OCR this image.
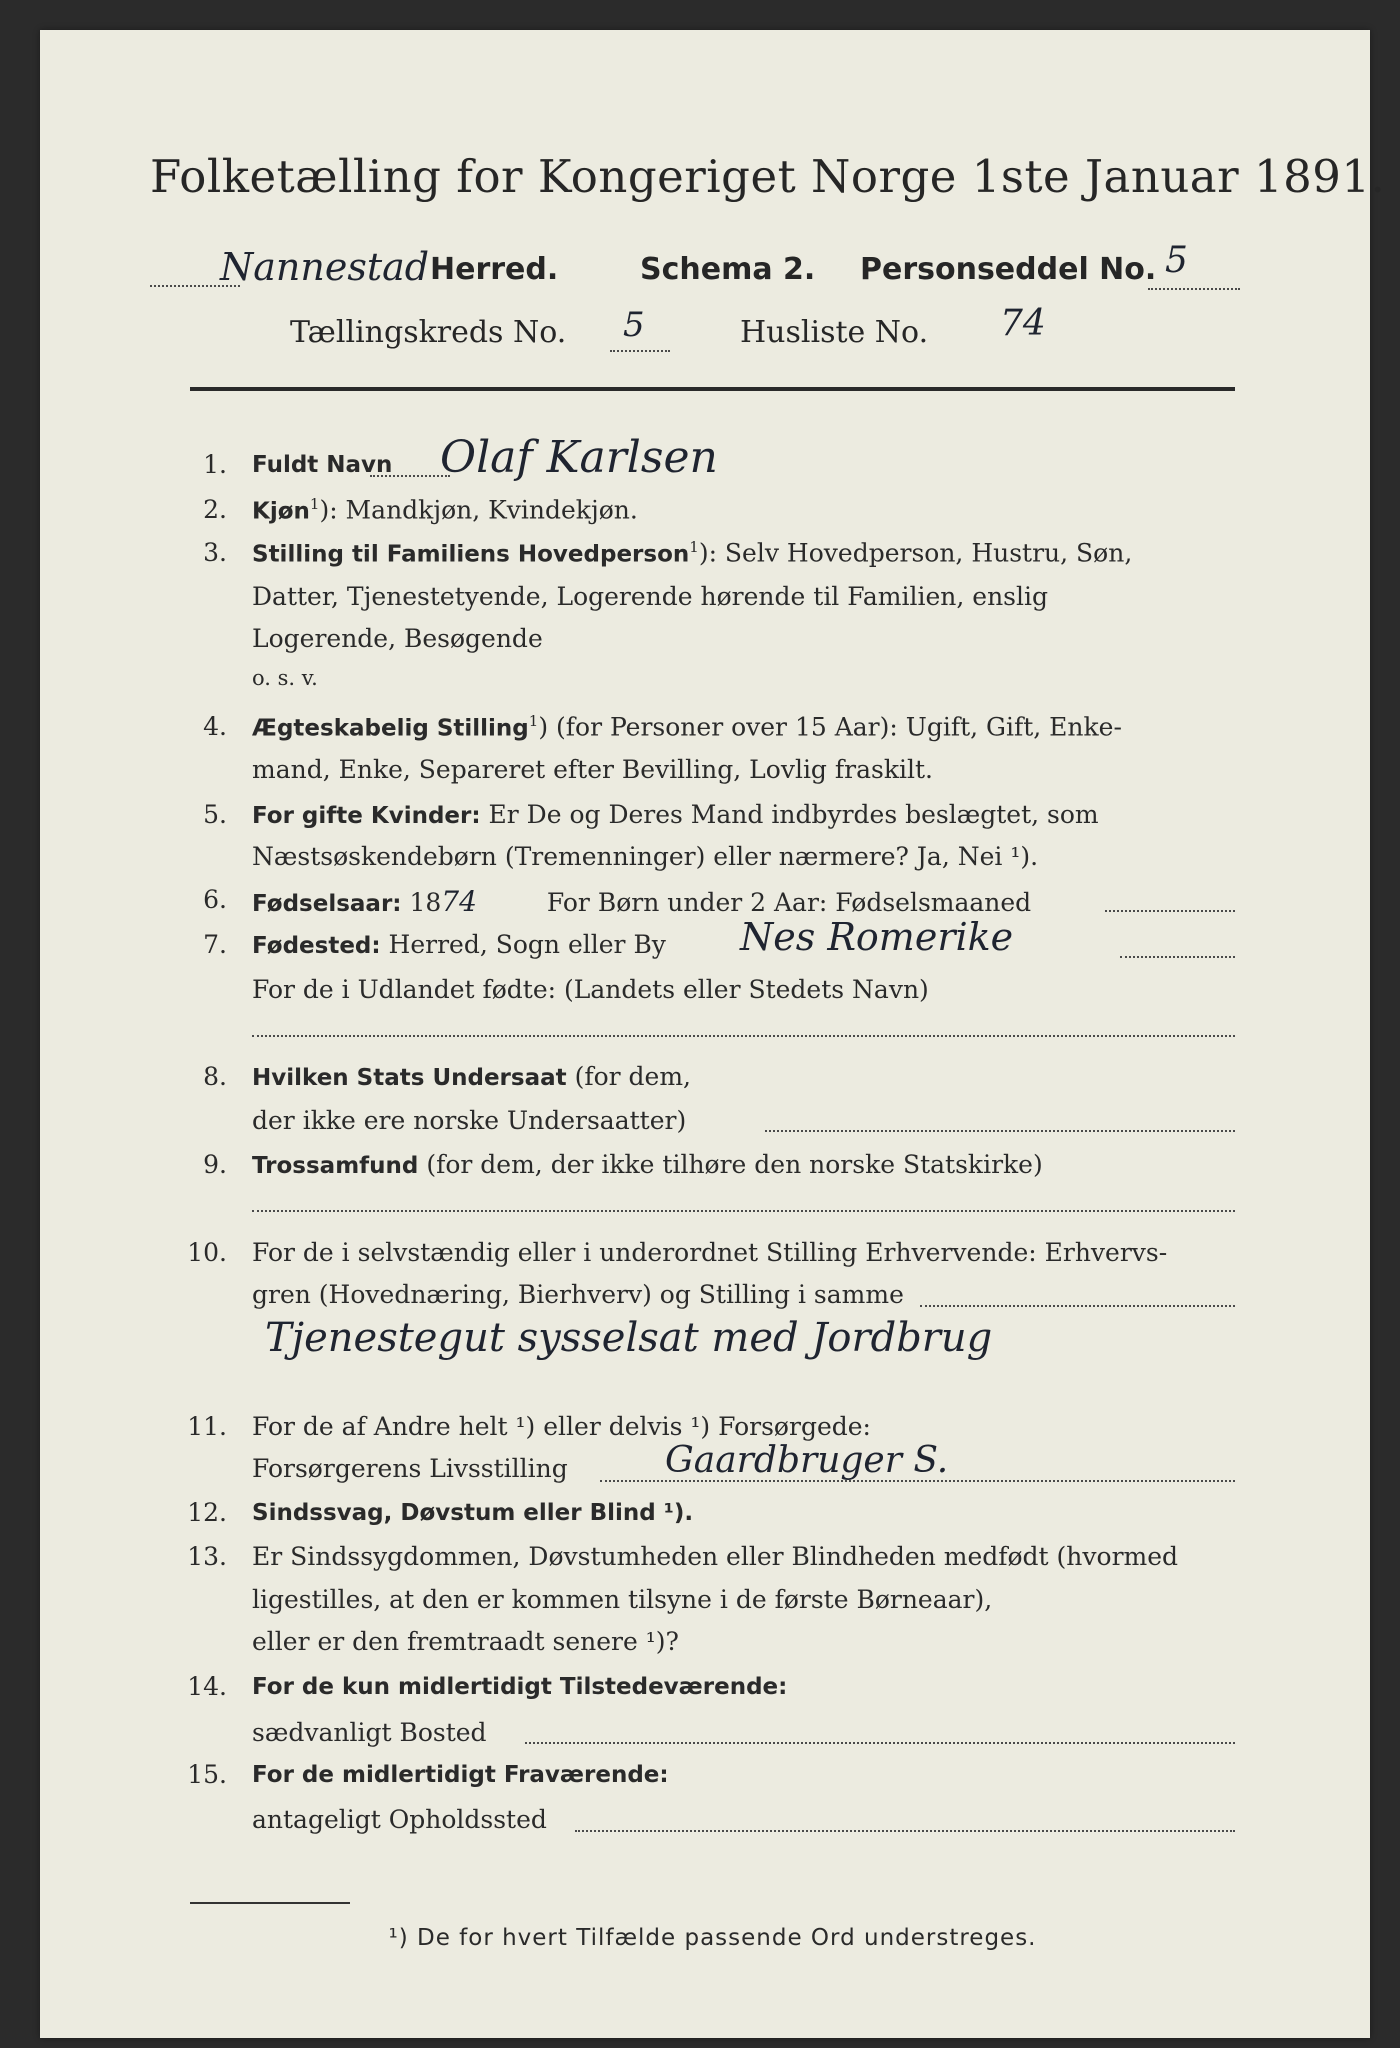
Folketælling for Kongeriget Norge 1ste Januar 1891.
Nannestad Herred.	Schema 2. Personseddel No. 5
Tællingskreds No. 5	Husliste No. 74
1. Fuldt Navn Olaf Karlsen
2. Kjøn$^1$): Mandkjøn, Kvindekjøn.
3. Stilling til Familiens Hovedperson$^1$): Selv Hovedperson, Hustru, Søn,
Datter, Tjenestetyende, Logerende hørende til Familien, enslig
Logerende, Besøgende
o. s. v.
4. Ægteskabelig Stilling$^1$) (for Personer over 15 Aar): Ugift, Gift, Enke-
mand, Enke, Separeret efter Bevilling, Lovlig fraskilt.
5. For gifte Kvinder: Er De og Deres Mand indbyrdes beslægtet, som
Næstsøskendebørn (Tremenninger) eller nærmere? Ja, Nei ¹).
6. Fødselsaar: 1874	For Børn under 2 Aar: Fødselsmaaned
7. Fødested: Herred, Sogn eller By Nes Romerike
For de i Udlandet fødte: (Landets eller Stedets Navn)
8. Hvilken Stats Undersaat (for dem,
der ikke ere norske Undersaatter)
9. Trossamfund (for dem, der ikke tilhøre den norske Statskirke)
10. For de i selvstændig eller i underordnet Stilling Erhvervende: Erhvervs-
gren (Hovednæring, Bierhverv) og Stilling i samme
Tjenestegut sysselsat med Jordbrug
11. For de af Andre helt ¹) eller delvis ¹) Forsørgede:
Forsørgerens Livsstilling	Gaardbruger S.
12. Sindssvag, Døvstum eller Blind ¹).
13. Er Sindssygdommen, Døvstumheden eller Blindheden medfødt (hvormed
ligestilles, at den er kommen tilsyne i de første Børneaar),
eller er den fremtraadt senere ¹)?
14. For de kun midlertidigt Tilstedeværende:
sædvanligt Bosted
15. For de midlertidigt Fraværende:
antageligt Opholdssted
¹) De for hvert Tilfælde passende Ord understreges.
